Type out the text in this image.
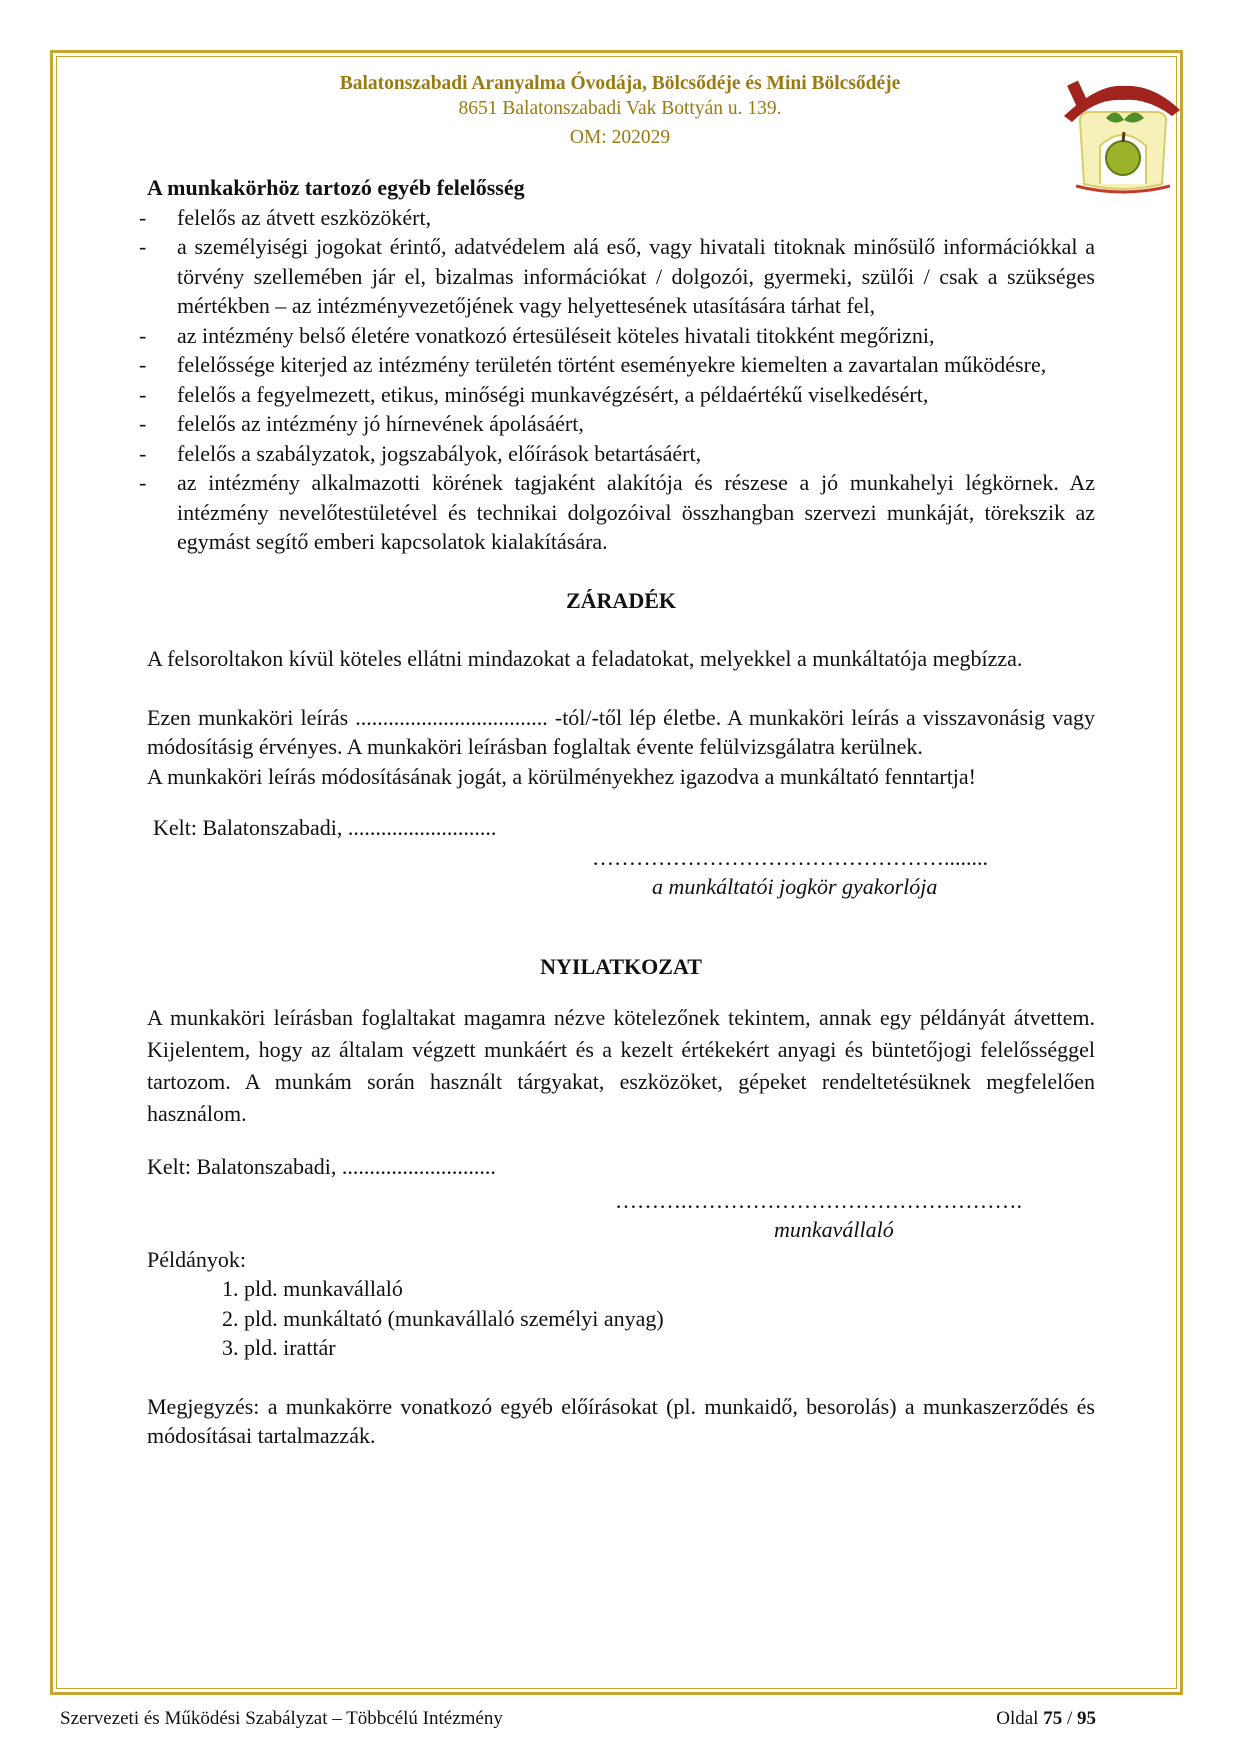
Balatonszabadi Aranyalma Óvodája, Bölcsődéje és Mini Bölcsődéje
8651 Balatonszabadi Vak Bottyán u. 139.
OM: 202029
A munkakörhöz tartozó egyéb felelősség
- felelős az átvett eszközökért,
- a személyiségi jogokat érintő, adatvédelem alá eső, vagy hivatali titoknak minősülő információkkal a törvény szellemében jár el, bizalmas információkat / dolgozói, gyermeki, szülői / csak a szükséges mértékben – az intézményvezetőjének vagy helyettesének utasítására tárhat fel,
- az intézmény belső életére vonatkozó értesüléseit köteles hivatali titokként megőrizni,
- felelőssége kiterjed az intézmény területén történt eseményekre kiemelten a zavartalan működésre,
- felelős a fegyelmezett, etikus, minőségi munkavégzésért, a példaértékű viselkedésért,
- felelős az intézmény jó hírnevének ápolásáért,
- felelős a szabályzatok, jogszabályok, előírások betartásáért,
- az intézmény alkalmazotti körének tagjaként alakítója és részese a jó munkahelyi légkörnek. Az intézmény nevelőtestületével és technikai dolgozóival összhangban szervezi munkáját, törekszik az egymást segítő emberi kapcsolatok kialakítására.
ZÁRADÉK

A felsoroltakon kívül köteles ellátni mindazokat a feladatokat, melyekkel a munkáltatója megbízza.

Ezen munkaköri leírás ................................... -tól/-től lép életbe. A munkaköri leírás a visszavonásig vagy módosításig érvényes. A munkaköri leírásban foglaltak évente felülvizsgálatra kerülnek.

A munkaköri leírás módosításának jogát, a körülményekhez igazodva a munkáltató fenntartja!

Kelt: Balatonszabadi, ...........................
…………………………………………........
a munkáltatói jogkör gyakorlója
NYILATKOZAT

A munkaköri leírásban foglaltakat magamra nézve kötelezőnek tekintem, annak egy példányát átvettem. Kijelentem, hogy az általam végzett munkáért és a kezelt értékekért anyagi és büntetőjogi felelősséggel tartozom. A munkám során használt tárgyakat, eszközöket, gépeket rendeltetésüknek megfelelően használom.

Kelt: Balatonszabadi, ............................
……….……………………………………….
munkavállaló
Példányok:
1. pld. munkavállaló
2. pld. munkáltató (munkavállaló személyi anyag)
3. pld. irattár

Megjegyzés: a munkakörre vonatkozó egyéb előírásokat (pl. munkaidő, besorolás) a munkaszerződés és módosításai tartalmazzák.

Szervezeti és Működési Szabályzat – Többcélú Intézmény	Oldal 75 / 95
